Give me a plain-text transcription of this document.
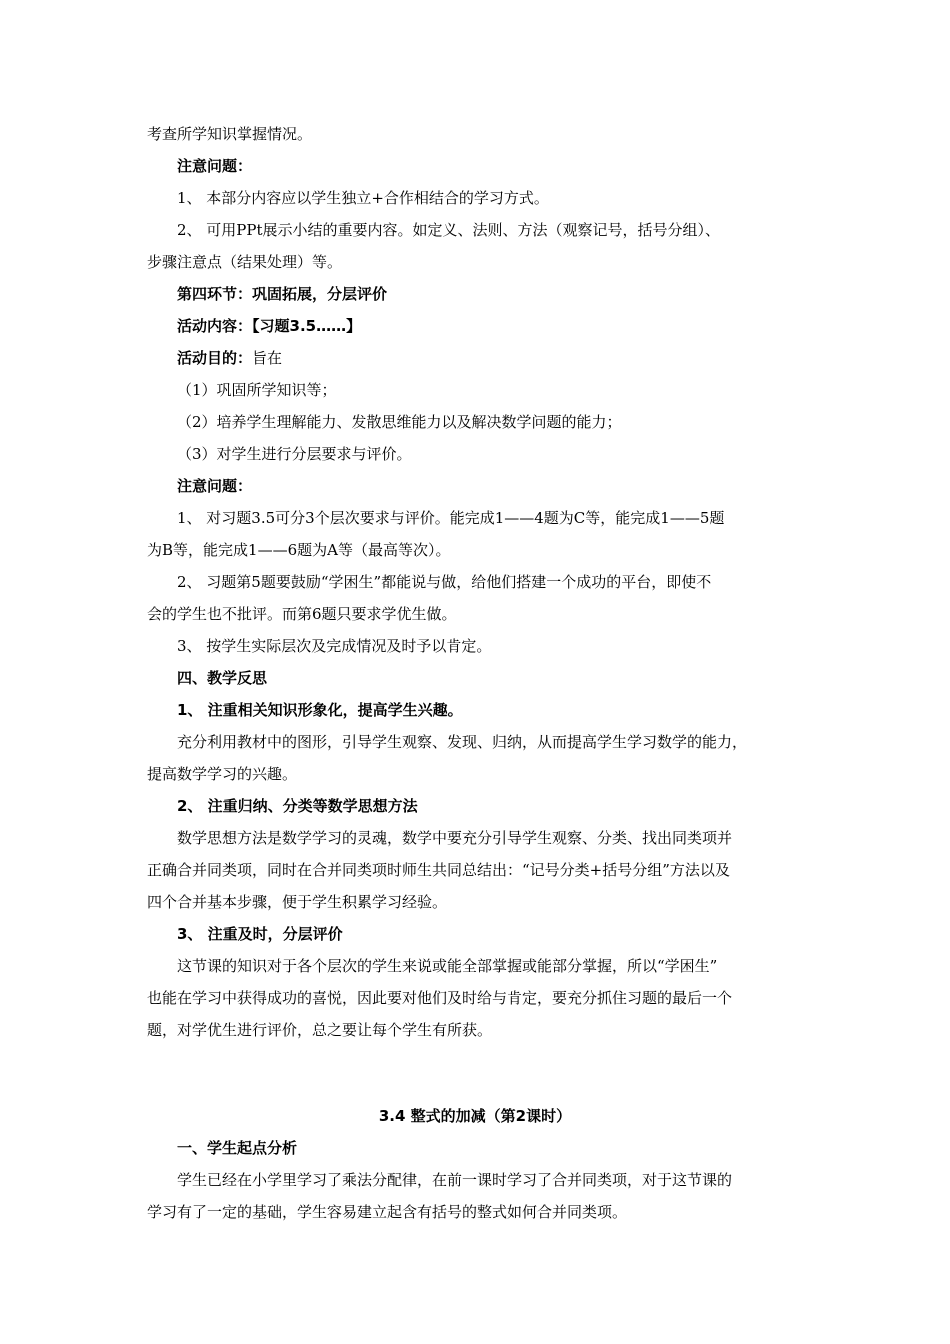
考查所学知识掌握情况。
注意问题：
1、 本部分内容应以学生独立+合作相结合的学习方式。
2、 可用PPt展示小结的重要内容。如定义、法则、方法（观察记号，括号分组）、
步骤注意点（结果处理）等。
第四环节：巩固拓展，分层评价
活动内容：【习题3.5……】
活动目的：旨在
（1）巩固所学知识等；
（2）培养学生理解能力、发散思维能力以及解决数学问题的能力；
（3）对学生进行分层要求与评价。
注意问题：
1、 对习题3.5可分3个层次要求与评价。能完成1——4题为C等，能完成1——5题
为B等，能完成1——6题为A等（最高等次）。
2、 习题第5题要鼓励“学困生”都能说与做，给他们搭建一个成功的平台，即使不
会的学生也不批评。而第6题只要求学优生做。
3、 按学生实际层次及完成情况及时予以肯定。
四、教学反思
1、 注重相关知识形象化，提高学生兴趣。
充分利用教材中的图形，引导学生观察、发现、归纳，从而提高学生学习数学的能力，
提高数学学习的兴趣。
2、 注重归纳、分类等数学思想方法
数学思想方法是数学学习的灵魂，数学中要充分引导学生观察、分类、找出同类项并
正确合并同类项，同时在合并同类项时师生共同总结出：“记号分类+括号分组”方法以及
四个合并基本步骤，便于学生积累学习经验。
3、 注重及时，分层评价
这节课的知识对于各个层次的学生来说或能全部掌握或能部分掌握，所以“学困生”
也能在学习中获得成功的喜悦，因此要对他们及时给与肯定，要充分抓住习题的最后一个
题，对学优生进行评价，总之要让每个学生有所获。
3.4 整式的加减（第2课时）
一、学生起点分析
学生已经在小学里学习了乘法分配律，在前一课时学习了合并同类项，对于这节课的
学习有了一定的基础，学生容易建立起含有括号的整式如何合并同类项。
